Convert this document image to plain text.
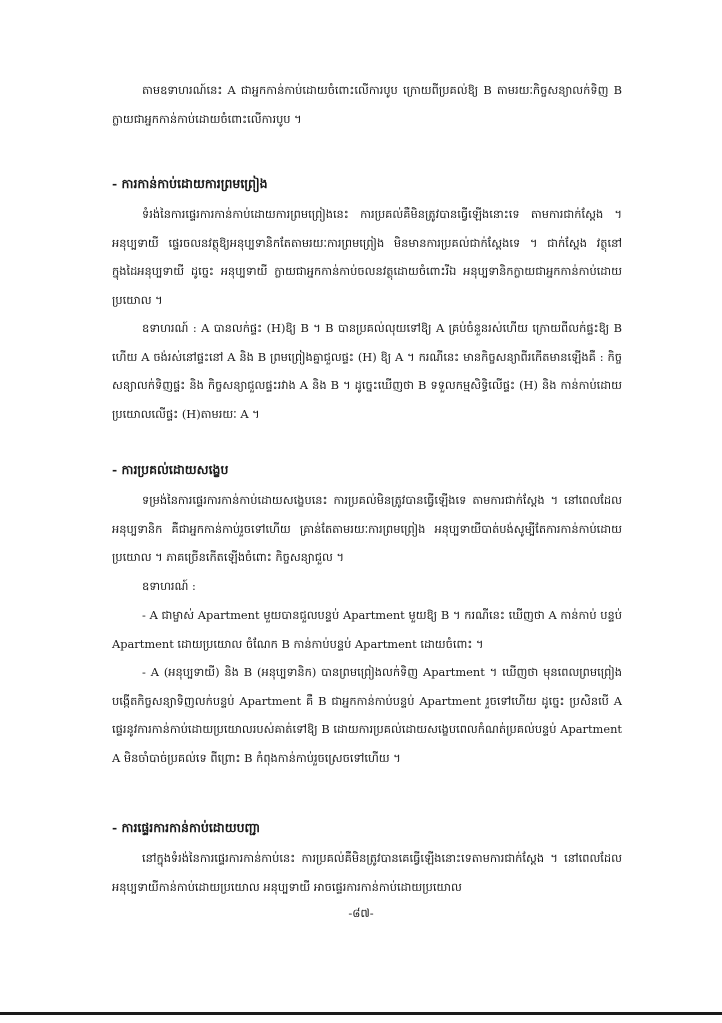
តាមឧទាហរណ៍នេះ A ជាអ្នកកាន់កាប់ដោយចំពោះលើការបូប ក្រោយពីប្រគល់ឱ្យ B តាមរយៈកិច្ចសន្យាលក់ទិញ B ក្លាយជាអ្នកកាន់កាប់ដោយចំពោះលើការបូប ។

- ការកាន់កាប់ដោយការព្រមព្រៀង

ទំរង់នៃការផ្ទេរការកាន់កាប់ដោយការព្រមព្រៀងនេះ ការប្រគល់គឺមិនត្រូវបានធ្វើឡើងនោះទេ តាមការជាក់ស្តែង ។ អនុប្បទាយី ផ្ទេរចលនវត្ថុឱ្យអនុប្បទានិកតែតាមរយៈការព្រមព្រៀង មិនមានការប្រគល់ជាក់ស្តែងទេ ។ ជាក់ស្តែង វត្ថុនៅក្នុងដៃអនុប្បទាយី ដូច្នេះ អនុប្បទាយី ក្លាយជាអ្នកកាន់កាប់ចលនវត្ថុដោយចំពោះរីឯ អនុប្បទានិកក្លាយជាអ្នកកាន់កាប់ដោយប្រយោល ។

ឧទាហរណ៍ : A បានលក់ផ្ទះ (H)ឱ្យ B ។ B បានប្រគល់លុយទៅឱ្យ A គ្រប់ចំនួនរស់ហើយ ក្រោយពីលក់ផ្ទះឱ្យ B ហើយ A ចង់រស់នៅផ្ទះនៅ A និង B ព្រមព្រៀងគ្នាជួលផ្ទះ (H) ឱ្យ A ។ ករណីនេះ មានកិច្ចសន្យាពីរកើតមានឡើងគឺ : កិច្ចសន្យាលក់ទិញផ្ទះ និង កិច្ចសន្យាជួលផ្ទះរវាង A និង B ។ ដូច្នេះឃើញថា B ទទួលកម្មសិទ្ធិលើផ្ទះ (H) និង កាន់កាប់ដោយប្រយោលលើផ្ទះ (H)តាមរយៈ A ។

- ការប្រគល់ដោយសង្ខេប

ទម្រង់នៃការផ្ទេរការកាន់កាប់ដោយសង្ខេបនេះ ការប្រគល់មិនត្រូវបានធ្វើឡើងទេ តាមការជាក់ស្តែង ។ នៅពេលដែលអនុប្បទានិក គឺជាអ្នកកាន់កាប់រួចទៅហើយ គ្រាន់តែតាមរយៈការព្រមព្រៀង អនុប្បទាយីបាត់បង់សូម្បីតែការកាន់កាប់ដោយប្រយោល ។ ភាគច្រើនកើតឡើងចំពោះ កិច្ចសន្យាជួល ។

ឧទាហរណ៍ :

- A ជាម្ចាស់ Apartment មួយបានជួលបន្ទប់ Apartment មួយឱ្យ B ។ ករណីនេះ ឃើញថា A កាន់កាប់ បន្ទប់ Apartment ដោយប្រយោល ចំណែក B កាន់កាប់បន្ទប់ Apartment ដោយចំពោះ ។

- A (អនុប្បទាយី) និង B (អនុប្បទានិក) បានព្រមព្រៀងលក់ទិញ Apartment ។ ឃើញថា មុនពេលព្រមព្រៀងបង្កើតកិច្ចសន្យាទិញលក់បន្ទប់ Apartment គឺ B ជាអ្នកកាន់កាប់បន្ទប់ Apartment រួចទៅហើយ ដូច្នេះ ប្រសិនបើ A ផ្ទេរនូវការកាន់កាប់ដោយប្រយោលរបស់គាត់ទៅឱ្យ B ដោយការប្រគល់ដោយសង្ខេបពេលកំណត់ប្រគល់បន្ទប់ Apartment A មិនចាំបាច់ប្រគល់ទេ ពីព្រោះ B កំពុងកាន់កាប់រួចស្រេចទៅហើយ ។

- ការផ្ទេរការកាន់កាប់ដោយបញ្ជា

នៅក្នុងទំរង់នៃការផ្ទេរការកាន់កាប់នេះ ការប្រគល់គឺមិនត្រូវបានគេធ្វើឡើងនោះទេតាមការជាក់ស្តែង ។ នៅពេលដែល អនុប្បទាយីកាន់កាប់ដោយប្រយោល អនុប្បទាយី អាចផ្ទេរការកាន់កាប់ដោយប្រយោល

-៨៧-
